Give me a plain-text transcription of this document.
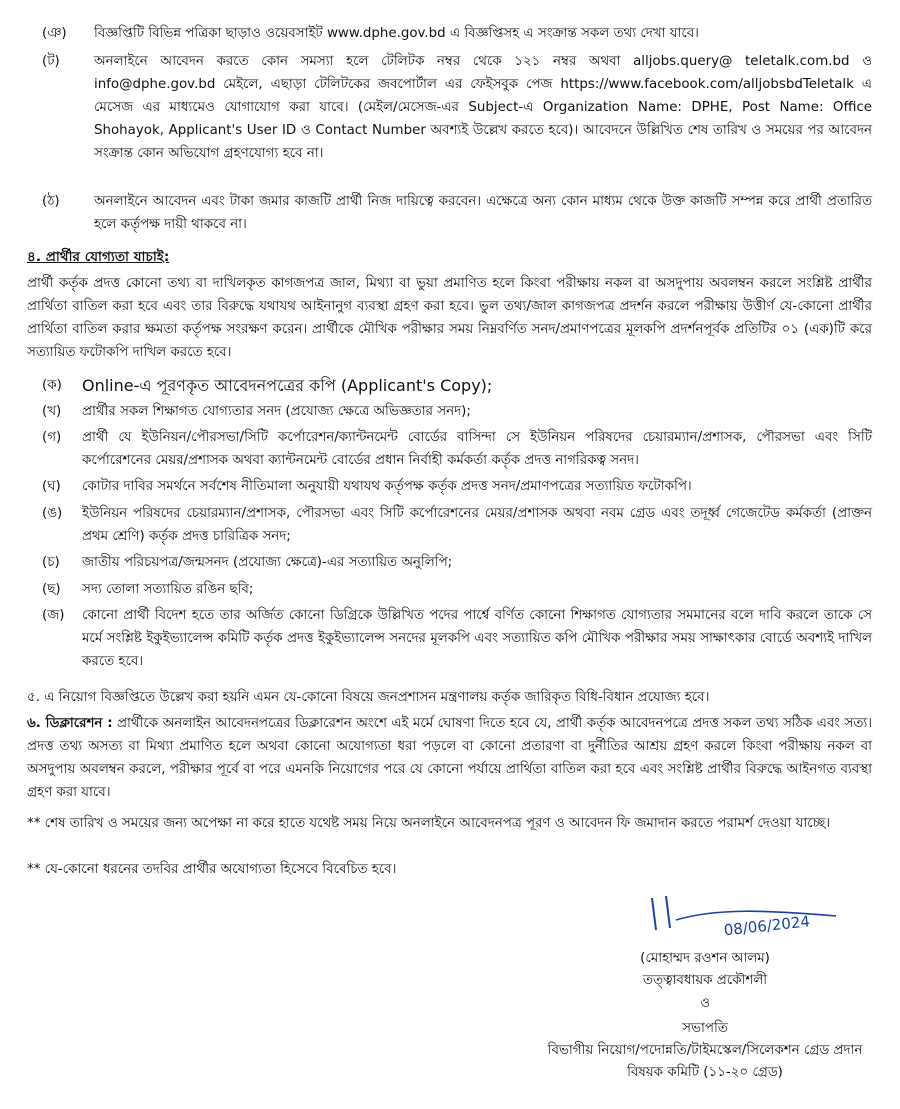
(ঞ)	বিজ্ঞপ্তিটি বিভিন্ন পত্রিকা ছাড়াও ওয়েবসাইট www.dphe.gov.bd এ বিজ্ঞপ্তিসহ এ সংক্রান্ত সকল তথ্য দেখা যাবে।
(ট)	অনলাইনে আবেদন করতে কোন সমস্যা হলে টেলিটক নম্বর থেকে ১২১ নম্বর অথবা alljobs.query@ teletalk.com.bd ও info@dphe.gov.bd মেইলে, এছাড়া টেলিটকের জবপোর্টাল এর ফেইসবুক পেজ https://www.facebook.com/alljobsbdTeletalk এ মেসেজ এর মাধ্যমেও যোগাযোগ করা যাবে। (মেইল/মেসেজ-এর Subject-এ Organization Name: DPHE, Post Name: Office Shohayok, Applicant's User ID ও Contact Number অবশ্যই উল্লেখ করতে হবে)। আবেদনে উল্লিখিত শেষ তারিখ ও সময়ের পর আবেদন সংক্রান্ত কোন অভিযোগ গ্রহণযোগ্য হবে না।
(ঠ)	অনলাইনে আবেদন এবং টাকা জমার কাজটি প্রার্থী নিজ দায়িত্বে করবেন। এক্ষেত্রে অন্য কোন মাধ্যম থেকে উক্ত কাজটি সম্পন্ন করে প্রার্থী প্রতারিত হলে কর্তৃপক্ষ দায়ী থাকবে না।
৪. প্রার্থীর যোগ্যতা যাচাই:
প্রার্থী কর্তৃক প্রদত্ত কোনো তথ্য বা দাখিলকৃত কাগজপত্র জাল, মিথ্যা বা ভুয়া প্রমাণিত হলে কিংবা পরীক্ষায় নকল বা অসদুপায় অবলম্বন করলে সংশ্লিষ্ট প্রার্থীর প্রার্থিতা বাতিল করা হবে এবং তার বিরুদ্ধে যথাযথ আইনানুগ ব্যবস্থা গ্রহণ করা হবে। ভুল তথ্য/জাল কাগজপত্র প্রদর্শন করলে পরীক্ষায় উত্তীর্ণ যে-কোনো প্রার্থীর প্রার্থিতা বাতিল করার ক্ষমতা কর্তৃপক্ষ সংরক্ষণ করেন। প্রার্থীকে মৌখিক পরীক্ষার সময় নিম্নবর্ণিত সনদ/প্রমাণপত্রের মূলকপি প্রদর্শনপূর্বক প্রতিটির ০১ (এক)টি করে সত্যায়িত ফটোকপি দাখিল করতে হবে।
(ক)	Online-এ পূরণকৃত আবেদনপত্রের কপি (Applicant's Copy);
(খ)	প্রার্থীর সকল শিক্ষাগত যোগ্যতার সনদ (প্রযোজ্য ক্ষেত্রে অভিজ্ঞতার সনদ);
(গ)	প্রার্থী যে ইউনিয়ন/পৌরসভা/সিটি কর্পোরেশন/ক্যান্টনমেন্ট বোর্ডের বাসিন্দা সে ইউনিয়ন পরিষদের চেয়ারম্যান/প্রশাসক, পৌরসভা এবং সিটি কর্পোরেশনের মেয়র/প্রশাসক অথবা ক্যান্টনমেন্ট বোর্ডের প্রধান নির্বাহী কর্মকর্তা কর্তৃক প্রদত্ত নাগরিকত্ব সনদ।
(ঘ)	কোটার দাবির সমর্থনে সর্বশেষ নীতিমালা অনুযায়ী যথাযথ কর্তৃপক্ষ কর্তৃক প্রদত্ত সনদ/প্রমাণপত্রের সত্যায়িত ফটোকপি।
(ঙ)	ইউনিয়ন পরিষদের চেয়ারম্যান/প্রশাসক, পৌরসভা এবং সিটি কর্পোরেশনের মেয়র/প্রশাসক অথবা নবম গ্রেড এবং তদূর্ধ্ব গেজেটেড কর্মকর্তা (প্রাক্তন প্রথম শ্রেণি) কর্তৃক প্রদত্ত চারিত্রিক সনদ;
(চ)	জাতীয় পরিচয়পত্র/জন্মসনদ (প্রযোজ্য ক্ষেত্রে)-এর সত্যায়িত অনুলিপি;
(ছ)	সদ্য তোলা সত্যায়িত রঙিন ছবি;
(জ)	কোনো প্রার্থী বিদেশ হতে তার অর্জিত কোনো ডিগ্রিকে উল্লিখিত পদের পার্শ্বে বর্ণিত কোনো শিক্ষাগত যোগ্যতার সমমানের বলে দাবি করলে তাকে সে মর্মে সংশ্লিষ্ট ইকুইভ্যালেন্স কমিটি কর্তৃক প্রদত্ত ইকুইভ্যালেন্স সনদের মূলকপি এবং সত্যায়িত কপি মৌখিক পরীক্ষার সময় সাক্ষাৎকার বোর্ডে অবশ্যই দাখিল করতে হবে।
৫. এ নিয়োগ বিজ্ঞপ্তিতে উল্লেখ করা হয়নি এমন যে-কোনো বিষয়ে জনপ্রশাসন মন্ত্রণালয় কর্তৃক জারিকৃত বিধি-বিধান প্রযোজ্য হবে।
৬. ডিক্লারেশন : প্রার্থীকে অনলাইন আবেদনপত্রের ডিক্লারেশন অংশে এই মর্মে ঘোষণা দিতে হবে যে, প্রার্থী কর্তৃক আবেদনপত্রে প্রদত্ত সকল তথ্য সঠিক এবং সত্য। প্রদত্ত তথ্য অসত্য বা মিথ্যা প্রমাণিত হলে অথবা কোনো অযোগ্যতা ধরা পড়লে বা কোনো প্রতারণা বা দুর্নীতির আশ্রয় গ্রহণ করলে কিংবা পরীক্ষায় নকল বা অসদুপায় অবলম্বন করলে, পরীক্ষার পূর্বে বা পরে এমনকি নিয়োগের পরে যে কোনো পর্যায়ে প্রার্থিতা বাতিল করা হবে এবং সংশ্লিষ্ট প্রার্থীর বিরুদ্ধে আইনগত ব্যবস্থা গ্রহণ করা যাবে।
** শেষ তারিখ ও সময়ের জন্য অপেক্ষা না করে হাতে যথেষ্ট সময় নিয়ে অনলাইনে আবেদনপত্র পূরণ ও আবেদন ফি জমাদান করতে পরামর্শ দেওয়া যাচ্ছে।
** যে-কোনো ধরনের তদবির প্রার্থীর অযোগ্যতা হিসেবে বিবেচিত হবে।
08/06/2024
(মোহাম্মদ রওশন আলম)
তত্ত্বাবধায়ক প্রকৌশলী
ও
সভাপতি
বিভাগীয় নিয়োগ/পদোন্নতি/টাইমস্কেল/সিলেকশন গ্রেড প্রদান
বিষয়ক কমিটি (১১-২০ গ্রেড)
